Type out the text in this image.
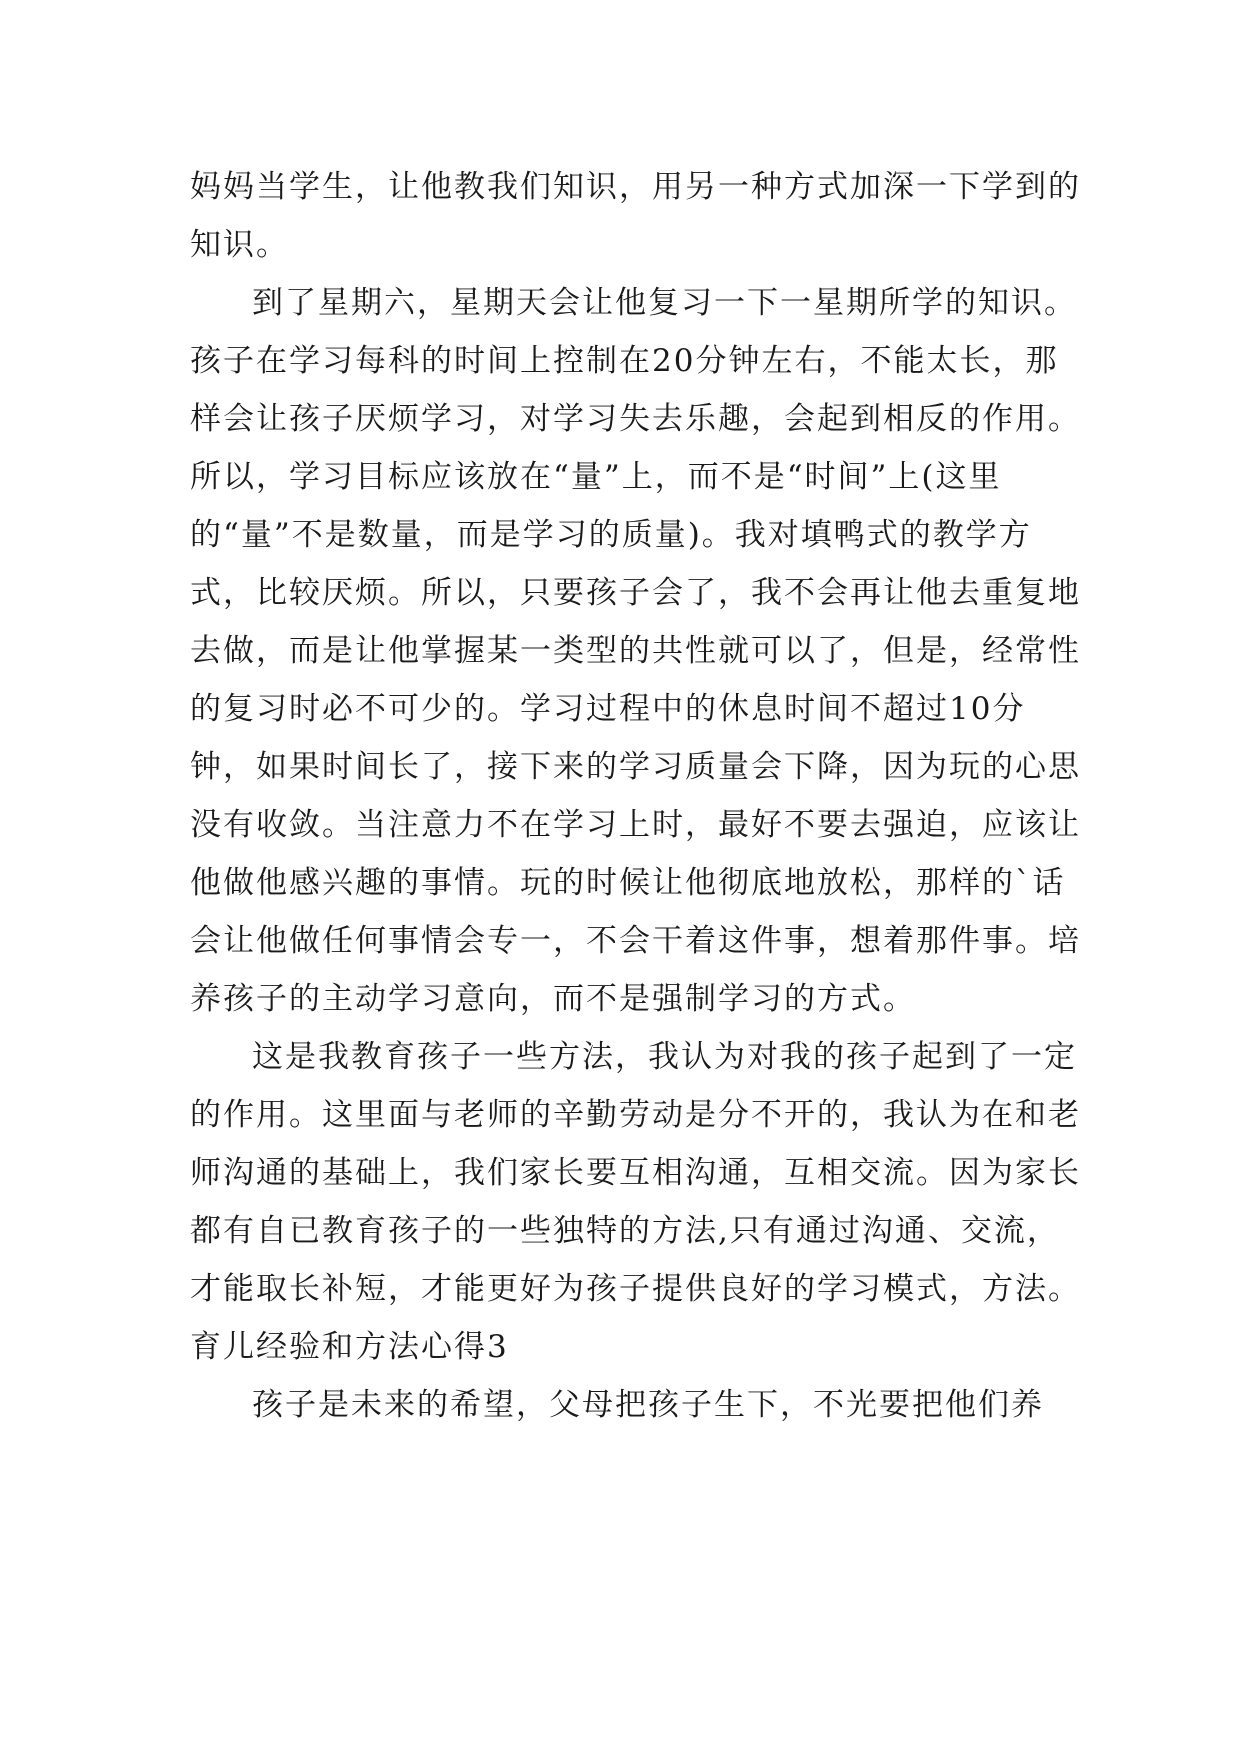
妈妈当学生，让他教我们知识，用另一种方式加深一下学到的知识。

到了星期六，星期天会让他复习一下一星期所学的知识。孩子在学习每科的时间上控制在20分钟左右，不能太长，那样会让孩子厌烦学习，对学习失去乐趣，会起到相反的作用。所以，学习目标应该放在“量”上，而不是“时间”上(这里的“量”不是数量，而是学习的质量)。我对填鸭式的教学方式，比较厌烦。所以，只要孩子会了，我不会再让他去重复地去做，而是让他掌握某一类型的共性就可以了，但是，经常性的复习时必不可少的。学习过程中的休息时间不超过10分钟，如果时间长了，接下来的学习质量会下降，因为玩的心思没有收敛。当注意力不在学习上时，最好不要去强迫，应该让他做他感兴趣的事情。玩的时候让他彻底地放松，那样的`话会让他做任何事情会专一，不会干着这件事，想着那件事。培养孩子的主动学习意向，而不是强制学习的方式。

这是我教育孩子一些方法，我认为对我的孩子起到了一定的作用。这里面与老师的辛勤劳动是分不开的，我认为在和老师沟通的基础上，我们家长要互相沟通，互相交流。因为家长都有自已教育孩子的一些独特的方法,只有通过沟通、交流，才能取长补短，才能更好为孩子提供良好的学习模式，方法。

育儿经验和方法心得3

孩子是未来的希望，父母把孩子生下，不光要把他们养
